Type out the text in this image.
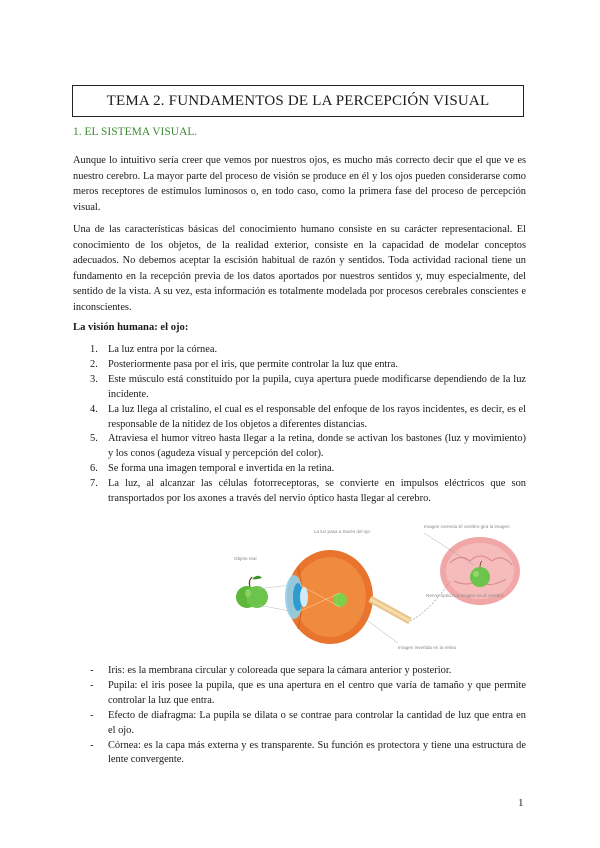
TEMA 2. FUNDAMENTOS DE LA PERCEPCIÓN VISUAL
1. EL SISTEMA VISUAL.

Aunque lo intuitivo sería creer que vemos por nuestros ojos, es mucho más correcto decir que el que ve es nuestro cerebro. La mayor parte del proceso de visión se produce en él y los ojos pueden considerarse como meros receptores de estímulos luminosos o, en todo caso, como la primera fase del proceso de percepción visual.

Una de las características básicas del conocimiento humano consiste en su carácter representacional. El conocimiento de los objetos, de la realidad exterior, consiste en la capacidad de modelar conceptos adecuados. No debemos aceptar la escisión habitual de razón y sentidos. Toda actividad racional tiene un fundamento en la recepción previa de los datos aportados por nuestros sentidos y, muy especialmente, del sentido de la vista. A su vez, esta información es totalmente modelada por procesos cerebrales conscientes e inconscientes.

La visión humana: el ojo:
1. La luz entra por la córnea.
2. Posteriormente pasa por el iris, que permite controlar la luz que entra.
3. Este músculo está constituido por la pupila, cuya apertura puede modificarse dependiendo de la luz incidente.
4. La luz llega al cristalino, el cual es el responsable del enfoque de los rayos incidentes, es decir, es el responsable de la nitidez de los objetos a diferentes distancias.
5. Atraviesa el humor vítreo hasta llegar a la retina, donde se activan los bastones (luz y movimiento) y los conos (agudeza visual y percepción del color).
6. Se forma una imagen temporal e invertida en la retina.
7. La luz, al alcanzar las células fotorreceptoras, se convierte en impulsos eléctricos que son transportados por los axones a través del nervio óptico hasta llegar al cerebro.
Objeto real
La luz pasa a través del ojo
Imagen correcta El cerebro gira la imagen
Nervio óptico La imagen va al cerebro
Imagen invertida en la retina
- Iris: es la membrana circular y coloreada que separa la cámara anterior y posterior.
- Pupila: el iris posee la pupila, que es una apertura en el centro que varía de tamaño y que permite controlar la luz que entra.
- Efecto de diafragma: La pupila se dilata o se contrae para controlar la cantidad de luz que entra en el ojo.
- Córnea: es la capa más externa y es transparente. Su función es protectora y tiene una estructura de lente convergente.
1
